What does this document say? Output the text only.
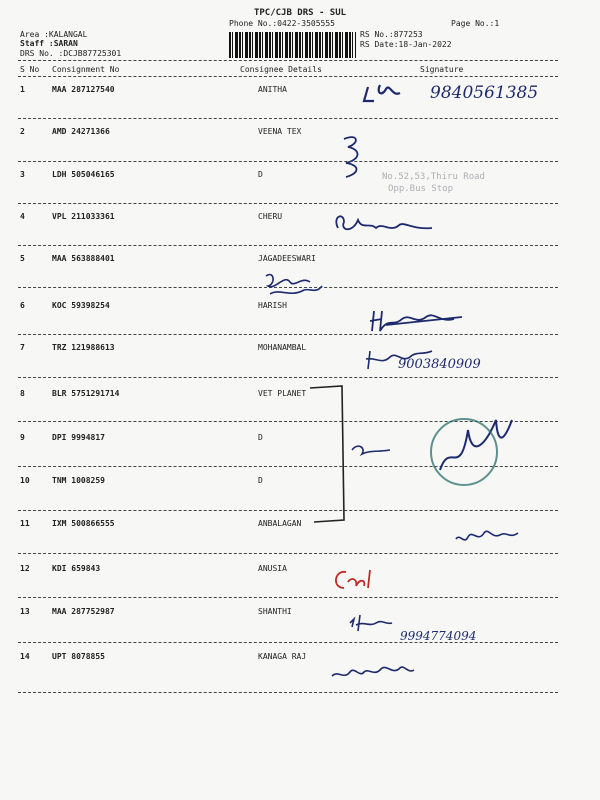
TPC/CJB DRS - SUL
Phone No.:0422-3505555	Page No.:1
Area :KALANGAL
Staff :SARAN
DRS No. :DCJB87725301
RS No.:877253
RS Date:18-Jan-2022
S No Consignment No	Consignee Details	Signature
1	MAA 287127540	ANITHA	9840561385
2	AMD 24271366	VEENA TEX
No.52,53,Thiru Road
Opp.Bus Stop
3	LDH 505046165	D
4	VPL 211033361	CHERU
5	MAA 563888401	JAGADEESWARI
6	KOC 59398254	HARISH
7	TRZ 121988613	MOHANAMBAL
9003840909
8	BLR 5751291714	VET PLANET
9	DPI 9994817	D
10	TNM 1008259	D
11	IXM 500866555	ANBALAGAN
12	KDI 659843	ANUSIA
13	MAA 287752987	SHANTHI
9994774094
14	UPT 8078855	KANAGA RAJ
